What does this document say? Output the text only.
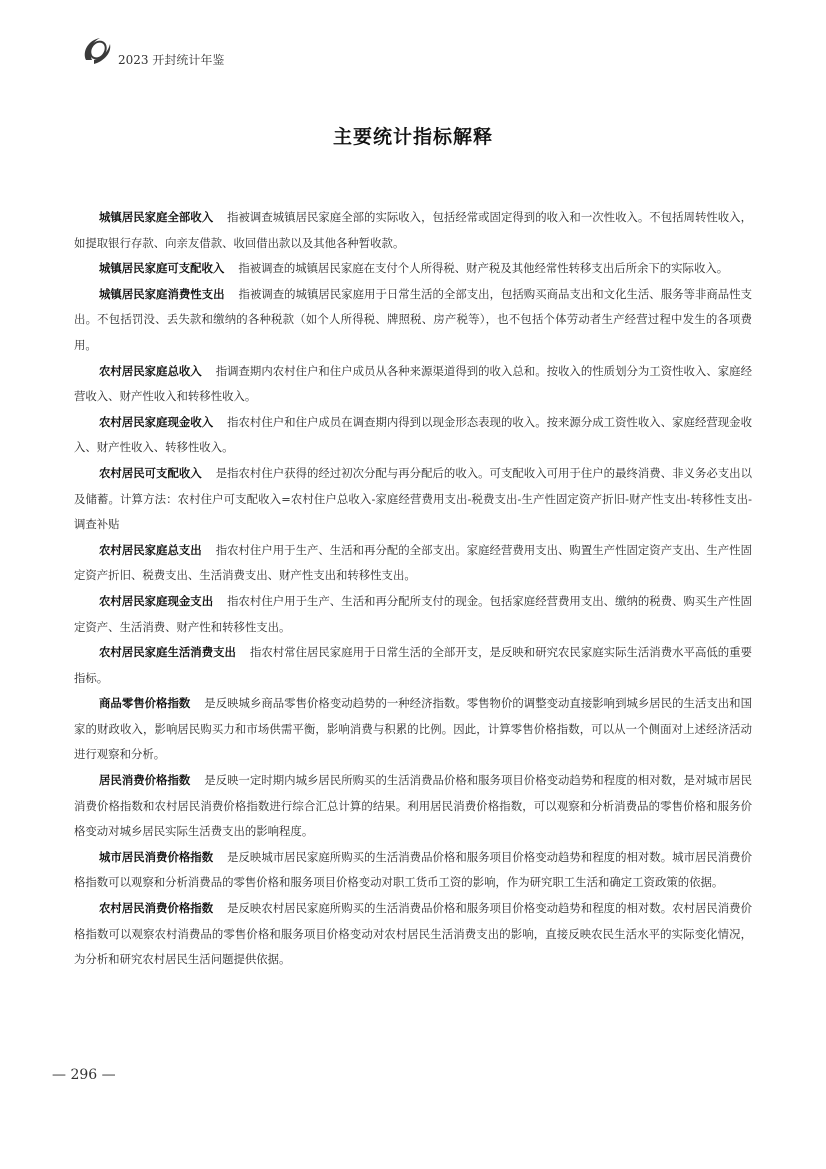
2023 开封统计年鉴
主要统计指标解释

城镇居民家庭全部收入 指被调查城镇居民家庭全部的实际收入，包括经常或固定得到的收入和一次性收入。不包括周转性收入，如提取银行存款、向亲友借款、收回借出款以及其他各种暂收款。

城镇居民家庭可支配收入 指被调查的城镇居民家庭在支付个人所得税、财产税及其他经常性转移支出后所余下的实际收入。

城镇居民家庭消费性支出 指被调查的城镇居民家庭用于日常生活的全部支出，包括购买商品支出和文化生活、服务等非商品性支出。不包括罚没、丢失款和缴纳的各种税款（如个人所得税、牌照税、房产税等），也不包括个体劳动者生产经营过程中发生的各项费用。

农村居民家庭总收入 指调查期内农村住户和住户成员从各种来源渠道得到的收入总和。按收入的性质划分为工资性收入、家庭经营收入、财产性收入和转移性收入。

农村居民家庭现金收入 指农村住户和住户成员在调查期内得到以现金形态表现的收入。按来源分成工资性收入、家庭经营现金收入、财产性收入、转移性收入。

农村居民可支配收入 是指农村住户获得的经过初次分配与再分配后的收入。可支配收入可用于住户的最终消费、非义务必支出以及储蓄。计算方法：农村住户可支配收入=农村住户总收入-家庭经营费用支出-税费支出-生产性固定资产折旧-财产性支出-转移性支出-调查补贴

农村居民家庭总支出 指农村住户用于生产、生活和再分配的全部支出。家庭经营费用支出、购置生产性固定资产支出、生产性固定资产折旧、税费支出、生活消费支出、财产性支出和转移性支出。

农村居民家庭现金支出 指农村住户用于生产、生活和再分配所支付的现金。包括家庭经营费用支出、缴纳的税费、购买生产性固定资产、生活消费、财产性和转移性支出。

农村居民家庭生活消费支出 指农村常住居民家庭用于日常生活的全部开支，是反映和研究农民家庭实际生活消费水平高低的重要指标。

商品零售价格指数 是反映城乡商品零售价格变动趋势的一种经济指数。零售物价的调整变动直接影响到城乡居民的生活支出和国家的财政收入，影响居民购买力和市场供需平衡，影响消费与积累的比例。因此，计算零售价格指数，可以从一个侧面对上述经济活动进行观察和分析。

居民消费价格指数 是反映一定时期内城乡居民所购买的生活消费品价格和服务项目价格变动趋势和程度的相对数，是对城市居民消费价格指数和农村居民消费价格指数进行综合汇总计算的结果。利用居民消费价格指数，可以观察和分析消费品的零售价格和服务价格变动对城乡居民实际生活费支出的影响程度。

城市居民消费价格指数 是反映城市居民家庭所购买的生活消费品价格和服务项目价格变动趋势和程度的相对数。城市居民消费价格指数可以观察和分析消费品的零售价格和服务项目价格变动对职工货币工资的影响，作为研究职工生活和确定工资政策的依据。

农村居民消费价格指数 是反映农村居民家庭所购买的生活消费品价格和服务项目价格变动趋势和程度的相对数。农村居民消费价格指数可以观察农村消费品的零售价格和服务项目价格变动对农村居民生活消费支出的影响，直接反映农民生活水平的实际变化情况，为分析和研究农村居民生活问题提供依据。

— 296 —
